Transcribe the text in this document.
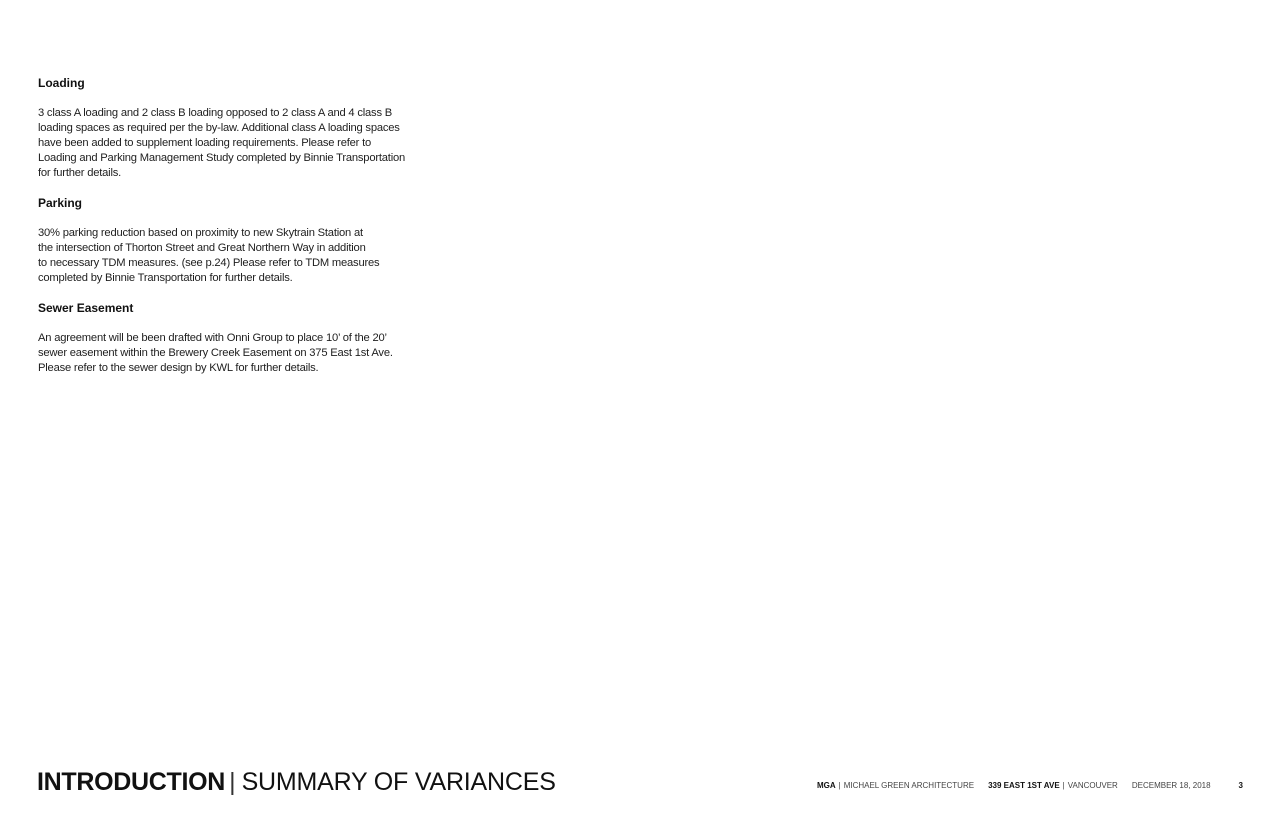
Loading

3 class A loading and 2 class B loading opposed to 2 class A and 4 class B
loading spaces as required per the by-law. Additional class A loading spaces
have been added to supplement loading requirements. Please refer to
Loading and Parking Management Study completed by Binnie Transportation
for further details.

Parking

30% parking reduction based on proximity to new Skytrain Station at
the intersection of Thorton Street and Great Northern Way in addition
to necessary TDM measures. (see p.24) Please refer to TDM measures
completed by Binnie Transportation for further details.

Sewer Easement

An agreement will be been drafted with Onni Group to place 10’ of the 20’
sewer easement within the Brewery Creek Easement on 375 East 1st Ave.
Please refer to the sewer design by KWL for further details.

INTRODUCTION | SUMMARY OF VARIANCES	MGA | MICHAEL GREEN ARCHITECTURE 339 EAST 1ST AVE | VANCOUVER DECEMBER 18, 2018	3
